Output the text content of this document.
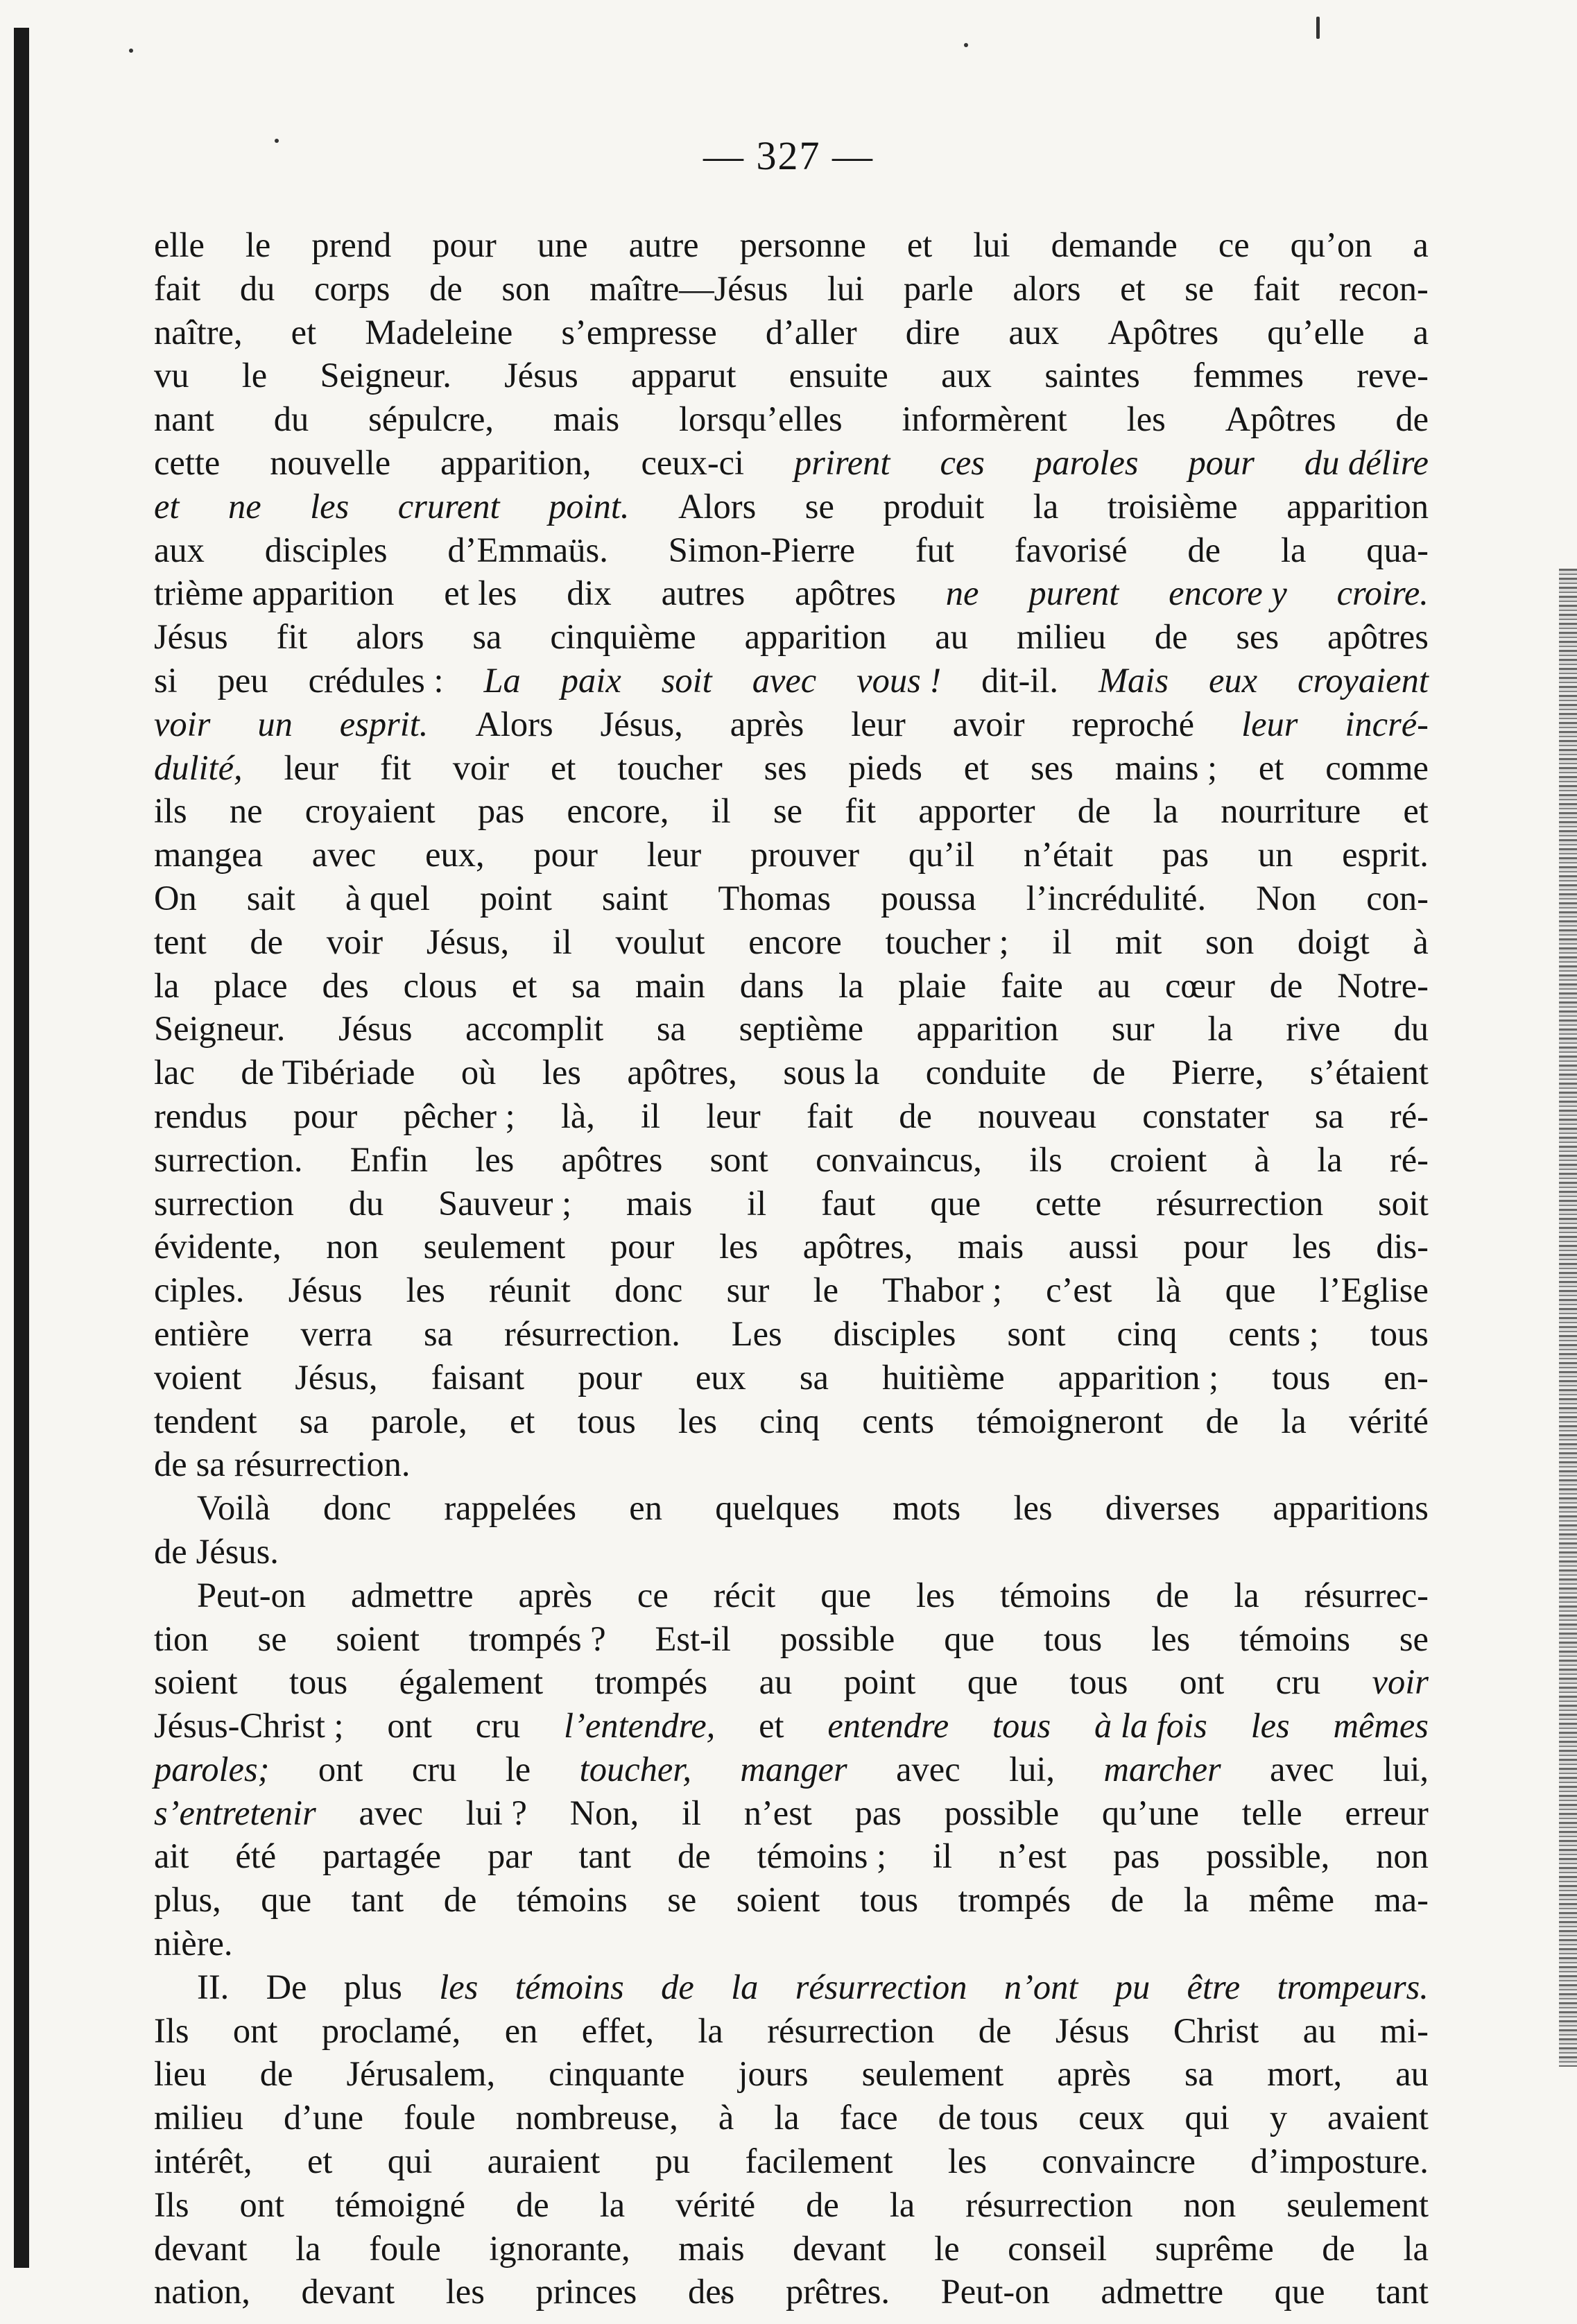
— 327 —
elle le prend pour une autre personne et lui demande ce qu’on a
fait du corps de son maître—Jésus lui parle alors et se fait recon-
naître, et Madeleine s’empresse d’aller dire aux Apôtres qu’elle a
vu le Seigneur. Jésus apparut ensuite aux saintes femmes reve-
nant du sépulcre, mais lorsqu’elles informèrent les Apôtres de
cette nouvelle apparition, ceux-ci prirent ces paroles pour du délire
et ne les crurent point. Alors se produit la troisième apparition
aux disciples d’Emmaüs. Simon-Pierre fut favorisé de la qua-
trième apparition et les dix autres apôtres ne purent encore y croire.
Jésus fit alors sa cinquième apparition au milieu de ses apôtres
si peu crédules : La paix soit avec vous ! dit-il. Mais eux croyaient
voir un esprit. Alors Jésus, après leur avoir reproché leur incré-
dulité, leur fit voir et toucher ses pieds et ses mains ; et comme
ils ne croyaient pas encore, il se fit apporter de la nourriture et
mangea avec eux, pour leur prouver qu’il n’était pas un esprit.
On sait à quel point saint Thomas poussa l’incrédulité. Non con-
tent de voir Jésus, il voulut encore toucher ; il mit son doigt à
la place des clous et sa main dans la plaie faite au cœur de Notre-
Seigneur. Jésus accomplit sa septième apparition sur la rive du
lac de Tibériade où les apôtres, sous la conduite de Pierre, s’étaient
rendus pour pêcher ; là, il leur fait de nouveau constater sa ré-
surrection. Enfin les apôtres sont convaincus, ils croient à la ré-
surrection du Sauveur ; mais il faut que cette résurrection soit
évidente, non seulement pour les apôtres, mais aussi pour les dis-
ciples. Jésus les réunit donc sur le Thabor ; c’est là que l’Eglise
entière verra sa résurrection. Les disciples sont cinq cents ; tous
voient Jésus, faisant pour eux sa huitième apparition ; tous en-
tendent sa parole, et tous les cinq cents témoigneront de la vérité
de sa résurrection.
Voilà donc rappelées en quelques mots les diverses apparitions
de Jésus.
Peut-on admettre après ce récit que les témoins de la résurrec-
tion se soient trompés ? Est-il possible que tous les témoins se
soient tous également trompés au point que tous ont cru voir
Jésus-Christ ; ont cru l’entendre, et entendre tous à la fois les mêmes
paroles; ont cru le toucher, manger avec lui, marcher avec lui,
s’entretenir avec lui ? Non, il n’est pas possible qu’une telle erreur
ait été partagée par tant de témoins ; il n’est pas possible, non
plus, que tant de témoins se soient tous trompés de la même ma-
nière.
II. De plus les témoins de la résurrection n’ont pu être trompeurs.
Ils ont proclamé, en effet, la résurrection de Jésus Christ au mi-
lieu de Jérusalem, cinquante jours seulement après sa mort, au
milieu d’une foule nombreuse, à la face de tous ceux qui y avaient
intérêt, et qui auraient pu facilement les convaincre d’imposture.
Ils ont témoigné de la vérité de la résurrection non seulement
devant la foule ignorante, mais devant le conseil suprême de la
nation, devant les princes des prêtres. Peut-on admettre que tant
